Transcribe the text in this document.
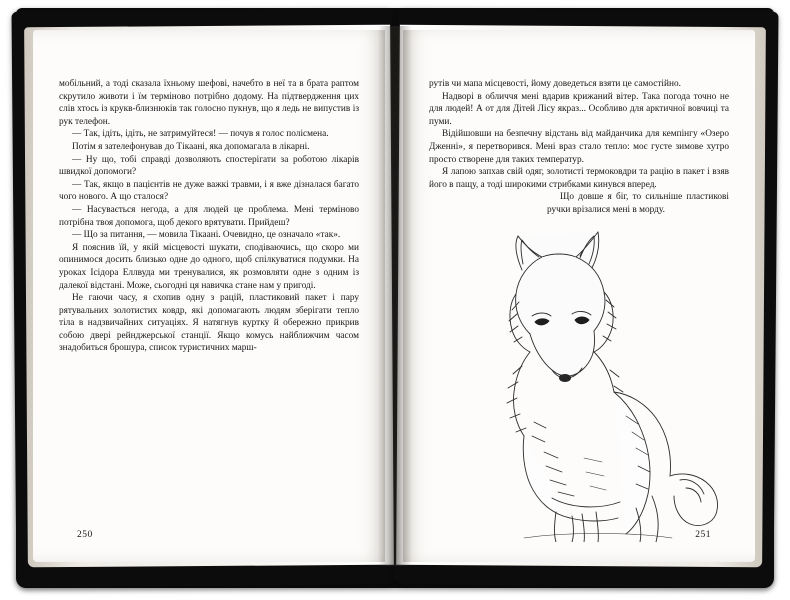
мобільний, а тоді сказала їхньому шефові, начебто в неї та в брата раптом скрутило животи і їм терміново потрібно додому. На підтвердження цих слів хтось із крукв-близнюків так голосно пукнув, що я ледь не випустив із рук телефон.

— Так, ідіть, ідіть, не затримуйтеся! — почув я голос полісмена.

Потім я зателефонував до Тікаані, яка допомагала в лікарні.

— Ну що, тобі справді дозволяють спостерігати за роботою лікарів швидкої допомоги?

— Так, якщо в пацієнтів не дуже важкі травми, і я вже дізналася багато чого нового. А що сталося?

— Насувається негода, а для людей це проблема. Мені терміново потрібна твоя допомога, щоб декого врятувати. Прийдеш?

— Що за питання, — мовила Тікаані. Очевидно, це означало «так».

Я пояснив їй, у якій місцевості шукати, сподіваючись, що скоро ми опинимося досить близько одне до одного, щоб спілкуватися подумки. На уроках Ісідора Еллвуда ми тренувалися, як розмовляти одне з одним із далекої відстані. Може, сьогодні ця навичка стане нам у пригоді.

Не гаючи часу, я схопив одну з рацій, пластиковий пакет і пару рятувальних золотистих ковдр, які допомагають людям зберігати тепло тіла в надзвичайних ситуаціях. Я натягнув куртку й обережно прикрив собою двері рейнджерської станції. Якщо комусь найближчим часом знадобиться брошура, список туристичних марш-

250

рутів чи мапа місцевості, йому доведеться взяти це самостійно.

Надворі в обличчя мені вдарив крижаний вітер. Така погода точно не для людей! А от для Дітей Лісу якраз... Особливо для арктичної вовчиці та пуми.

Відійшовши на безпечну відстань від майданчика для кемпінгу «Озеро Дженні», я перетворився. Мені враз стало тепло: моє густе зимове хутро просто створене для таких температур.

Я лапою запхав свій одяг, золотисті термоковдри та рацію в пакет і взяв його в пащу, а тоді широкими стрибками кинувся вперед.

Що довше я біг, то сильніше пластикові ручки врізалися мені в морду.

251
